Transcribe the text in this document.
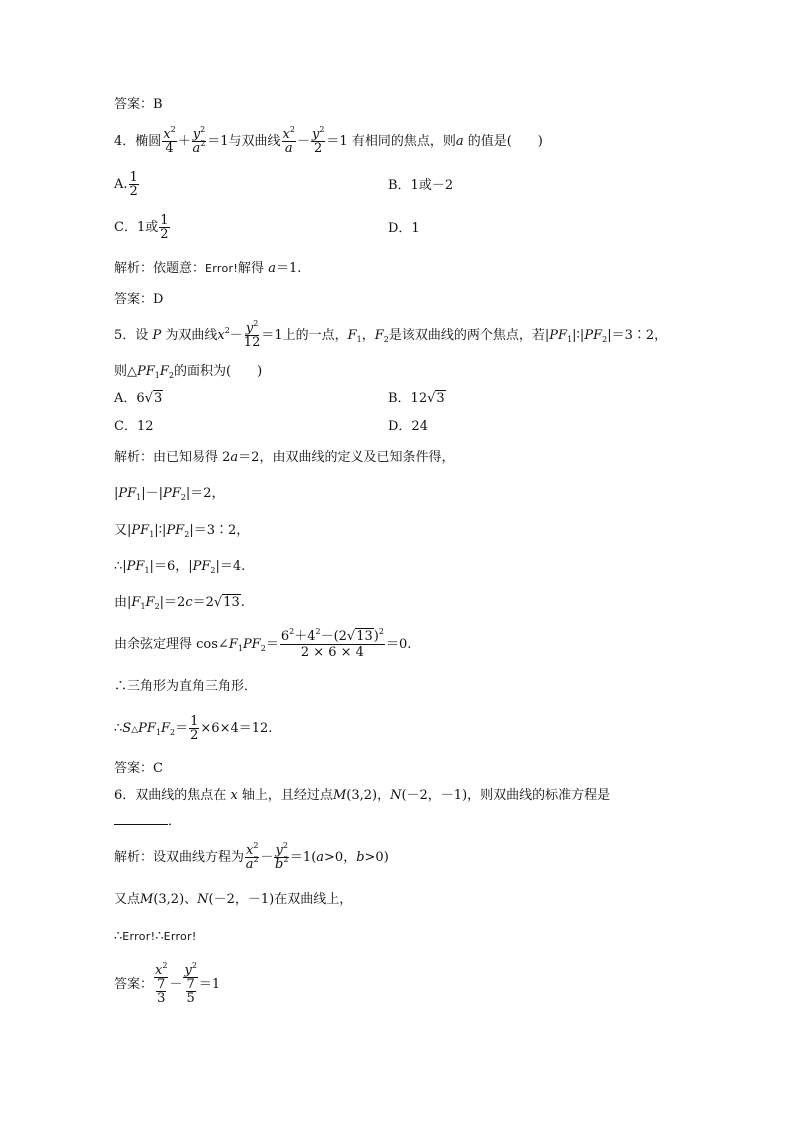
答案：B
4．椭圆 $\frac{x^2}{4} + \frac{y^2}{a^2} =1$与双曲线 $\frac{x^2}{a} - \frac{y^2}{2} =1$ 有相同的焦点，则a 的值是(　　)
A. $\frac{1}{2}$	B．1或－2
C．1或 $\frac{1}{2}$	D．1
解析：依题意：Error!解得 a＝1.
答案：D
5．设 P 为双曲线$x^2- \frac{y^2}{12} =1$上的一点，$F_1$，$F_2$是该双曲线的两个焦点，若$|PF_1|∶|PF_2|=3∶2$，
则$\triangle PF_1F_2$的面积为(　　)
A．6√3	B．12√3
C．12	D．24
解析：由已知易得 2a＝2，由双曲线的定义及已知条件得，
$|PF_1|-|PF_2|=2$，
又$|PF_1|∶|PF_2|=3∶2$，
$\therefore|PF_1|=6$，$|PF_2|=4$.
由$|F_1F_2|=2c=2√13$.
由余弦定理得 $\cos\angle F_1PF_2= \frac{6^2+4^2-(2√13)^2}{2 \times 6 \times 4} =0$.
∴三角形为直角三角形．
$\therefore S\triangle PF_1F_2= \frac{1}{2} \times 6\times 4=12$.
答案：C
6．双曲线的焦点在 x 轴上，且经过点M(3,2)，N(－2，－1)，则双曲线的标准方程是
．
解析：设双曲线方程为 $\frac{x^2}{a^2} - \frac{y^2}{b^2} =1(a>0$，b>0)
又点M(3,2)、N(－2，－1)在双曲线上，
∴Error!∴Error!
答案： $\frac{x^2}{\frac{7}{3}} - \frac{y^2}{\frac{7}{5}} =1$
